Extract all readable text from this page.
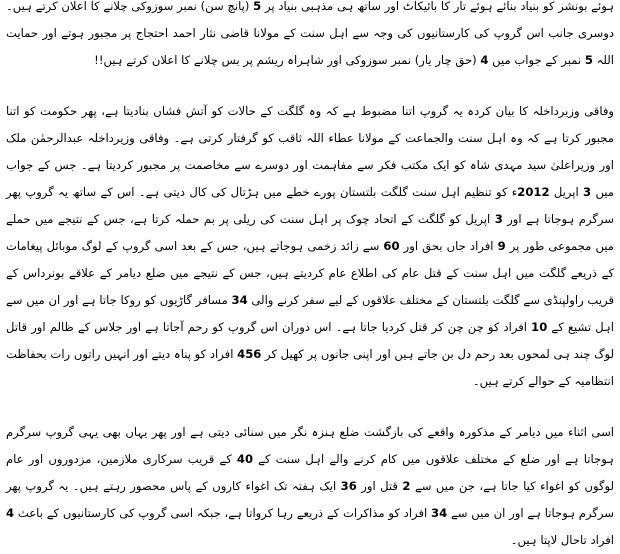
ہوئے بونشر کو بنیاد بنائے ہوئے تار کا بائیکاٹ اور ساتھ ہی مذہبی بنیاد پر 5 (پانچ سن) نمبر سوزوکی چلانے کا اعلان کرتے ہیں۔ دوسری جانب اس گروپ کی کارستانیوں کی وجہ سے اہل سنت کے مولانا قاضی نثار احمد احتجاج پر مجبور ہوتے اور حمایت اللہ 5 نمبر کے جواب میں 4 (حق چار یار) نمبر سوزوکی اور شاہراہ ریشم پر بس چلانے کا اعلان کرتے ہیں!!

وفاقی وزیرداخلہ کا بیان کردہ یہ گروپ اتنا مضبوط ہے کہ وہ گلگت کے حالات کو آتش فشاں بنادیتا ہے، پھر حکومت کو اتنا مجبور کرتا ہے کہ وہ اہل سنت والجماعت کے مولانا عطاء اللہ ثاقب کو گرفتار کرتی ہے۔ وفاقی وزیرداخلہ عبدالرحمٰن ملک اور وزیراعلیٰ سید مہدی شاہ کو ایک مکتب فکر سے مفاہمت اور دوسرے سے مخاصمت پر مجبور کردیتا ہے۔ جس کے جواب میں 3 اپریل 2012ء کو تنظیم اہل سنت گلگت بلتستان پورے خطے میں ہڑتال کی کال دیتی ہے۔ اس کے ساتھ یہ گروپ پھر سرگرم ہوجاتا ہے اور 3 اپریل کو گلگت کے اتحاد چوک پر اہل سنت کی ریلی پر بم حملہ کرتا ہے، جس کے نتیجے میں حملے میں مجموعی طور پر 9 افراد جاں بحق اور 60 سے زائد زخمی ہوجاتے ہیں، جس کے بعد اسی گروپ کے لوگ موبائل پیغامات کے ذریعے گلگت میں اہل سنت کے قتل عام کی اطلاع عام کردیتے ہیں، جس کے نتیجے میں ضلع دیامر کے علاقے بونرداس کے قریب راولپنڈی سے گلگت بلتستان کے مختلف علاقوں کے لیے سفر کرنے والی 34 مسافر گاڑیوں کو روکا جاتا ہے اور ان میں سے اہل تشیع کے 10 افراد کو چن چن کر قتل کردیا جاتا ہے۔ اس دوران اس گروپ کو رحم آجاتا ہے اور جلاس کے ظالم اور قاتل لوگ چند ہی لمحوں بعد رحم دل بن جاتے ہیں اور اپنی جانوں پر کھیل کر 456 افراد کو پناہ دیتے اور انہیں راتوں رات بحفاظت انتظامیہ کے حوالے کرتے ہیں۔

اسی اثناء میں دیامر کے مذکورہ واقعے کی بازگشت ضلع ہنزہ نگر میں سنائی دیتی ہے اور پھر یہاں بھی یہی گروپ سرگرم ہوجاتا ہے اور ضلع کے مختلف علاقوں میں کام کرنے والے اہل سنت کے 40 کے قریب سرکاری ملازمین، مزدوروں اور عام لوگوں کو اغواء کیا جاتا ہے، جن میں سے 2 قتل اور 36 ایک ہفتہ تک اغواء کاروں کے پاس محصور رہتے ہیں۔ یہ گروپ پھر سرگرم ہوجاتا ہے اور ان میں سے 34 افراد کو مذاکرات کے ذریعے رہا کرواتا ہے، جبکہ اسی گروپ کی کارستانیوں کے باعث 4 افراد تاحال لاپتا ہیں۔
